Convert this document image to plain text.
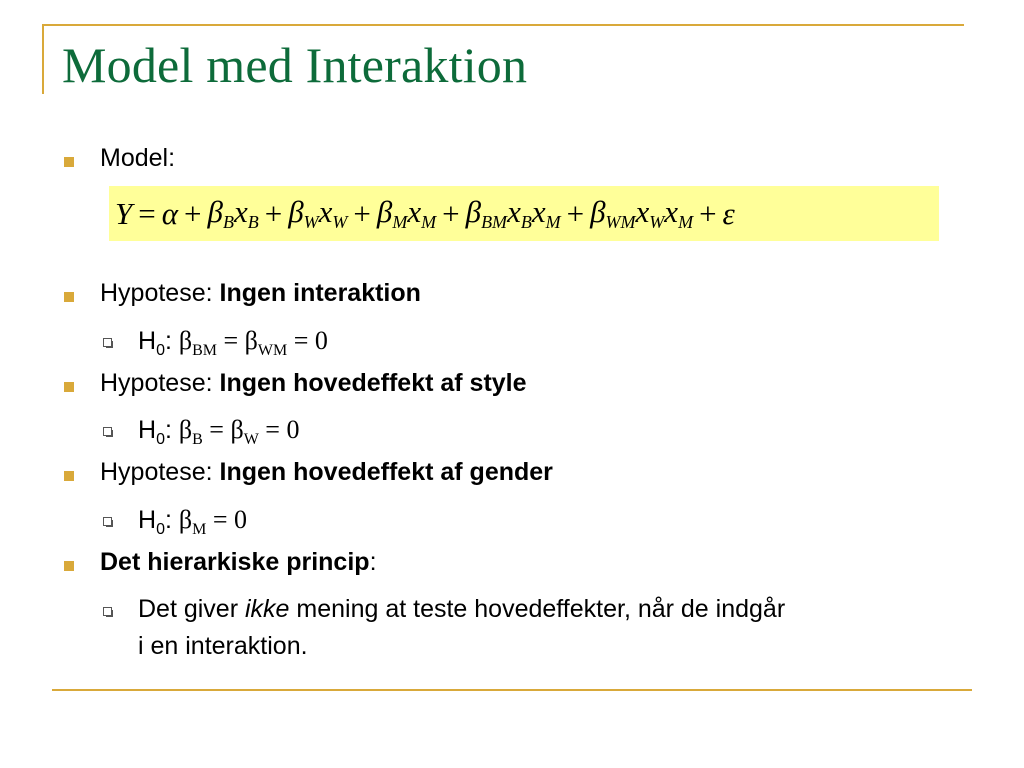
Model med Interaktion
Model:
$Y = \alpha + \beta_Bx_B + \beta_Wx_W + \beta_Mx_M + \beta_{BM}x_Bx_M + \beta_{WM}x_Wx_M + \varepsilon$
Hypotese: Ingen interaktion
$H_0$: $\beta_{BM} = \beta_{WM} = 0$
Hypotese: Ingen hovedeffekt af style
$H_0$: $\beta_B = \beta_W = 0$
Hypotese: Ingen hovedeffekt af gender
$H_0$: $\beta_M = 0$
Det hierarkiske princip:
Det giver ikke mening at teste hovedeffekter, når de indgår
i en interaktion.
